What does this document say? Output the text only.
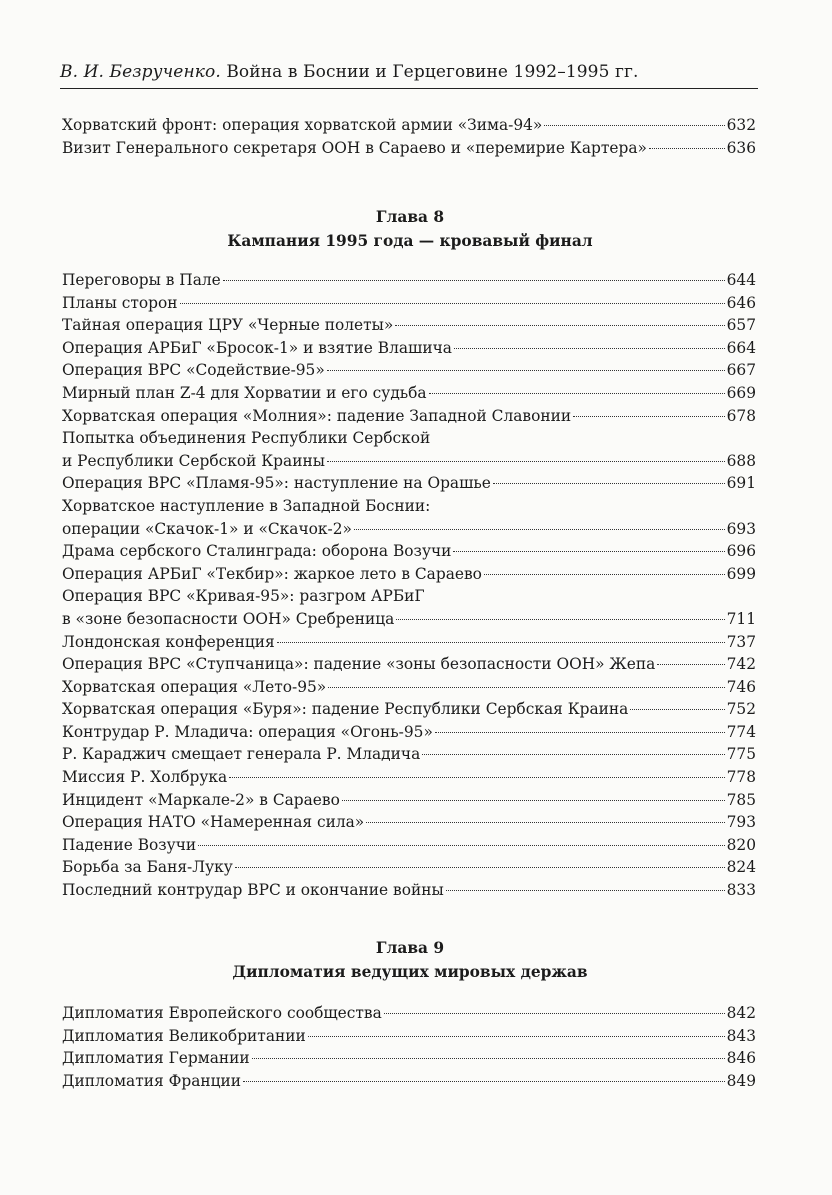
В. И. Безрученко. Война в Боснии и Герцеговине 1992–1995 гг.
Хорватский фронт: операция хорватской армии «Зима-94»	632
Визит Генерального секретаря ООН в Сараево и «перемирие Картера»	636
Глава 8
Кампания 1995 года — кровавый финал
Переговоры в Пале	644
Планы сторон	646
Тайная операция ЦРУ «Черные полеты»	657
Операция АРБиГ «Бросок-1» и взятие Влашича	664
Операция ВРС «Содействие-95»	667
Мирный план Z-4 для Хорватии и его судьба	669
Хорватская операция «Молния»: падение Западной Славонии	678
Попытка объединения Республики Сербской
и Республики Сербской Краины	688
Операция ВРС «Пламя-95»: наступление на Орашье	691
Хорватское наступление в Западной Боснии:
операции «Скачок-1» и «Скачок-2»	693
Драма сербского Сталинграда: оборона Возучи	696
Операция АРБиГ «Текбир»: жаркое лето в Сараево	699
Операция ВРС «Кривая-95»: разгром АРБиГ
в «зоне безопасности ООН» Сребреница	711
Лондонская конференция	737
Операция ВРС «Ступчаница»: падение «зоны безопасности ООН» Жепа	742
Хорватская операция «Лето-95»	746
Хорватская операция «Буря»: падение Республики Сербская Краина	752
Контрудар Р. Младича: операция «Огонь-95»	774
Р. Караджич смещает генерала Р. Младича	775
Миссия Р. Холбрука	778
Инцидент «Маркале-2» в Сараево	785
Операция НАТО «Намеренная сила»	793
Падение Возучи	820
Борьба за Баня-Луку	824
Последний контрудар ВРС и окончание войны	833
Глава 9
Дипломатия ведущих мировых держав
Дипломатия Европейского сообщества	842
Дипломатия Великобритании	843
Дипломатия Германии	846
Дипломатия Франции	849
